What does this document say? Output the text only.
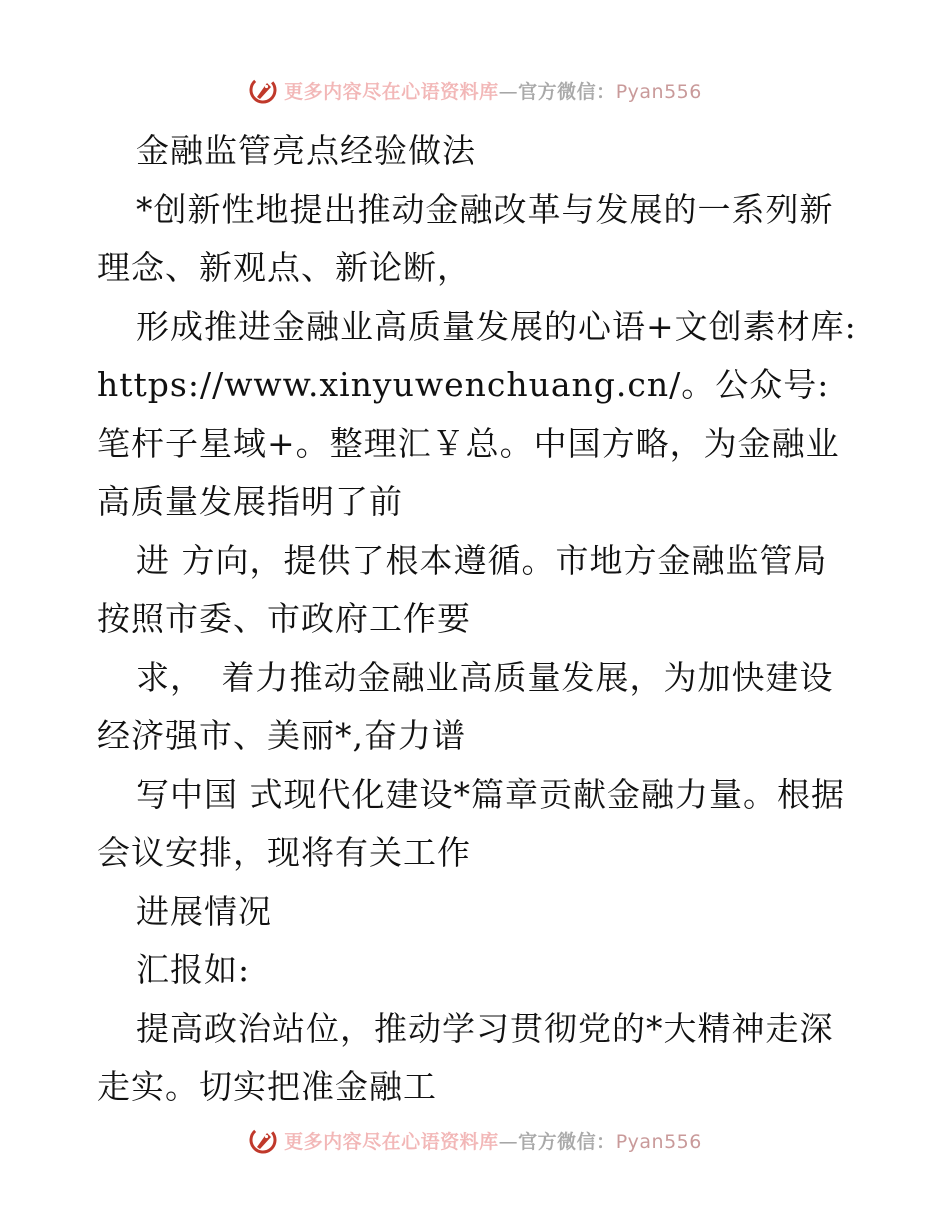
更多内容尽在心语资料库—官方微信：Pyan556

金融监管亮点经验做法

*创新性地提出推动金融改革与发展的一系列新理念、新观点、新论断，

形成推进金融业高质量发展的心语+文创素材库: https://www.xinyuwenchuang.cn/。公众号: 笔杆子星域+。整理汇￥总。中国方略，为金融业高质量发展指明了前

进 方向，提供了根本遵循。市地方金融监管局按照市委、市政府工作要

求，　着力推动金融业高质量发展，为加快建设经济强市、美丽*,奋力谱

写中国 式现代化建设*篇章贡献金融力量。根据会议安排，现将有关工作

进展情况

汇报如:

提高政治站位，推动学习贯彻党的*大精神走深走实。切实把准金融工

更多内容尽在心语资料库—官方微信：Pyan556
